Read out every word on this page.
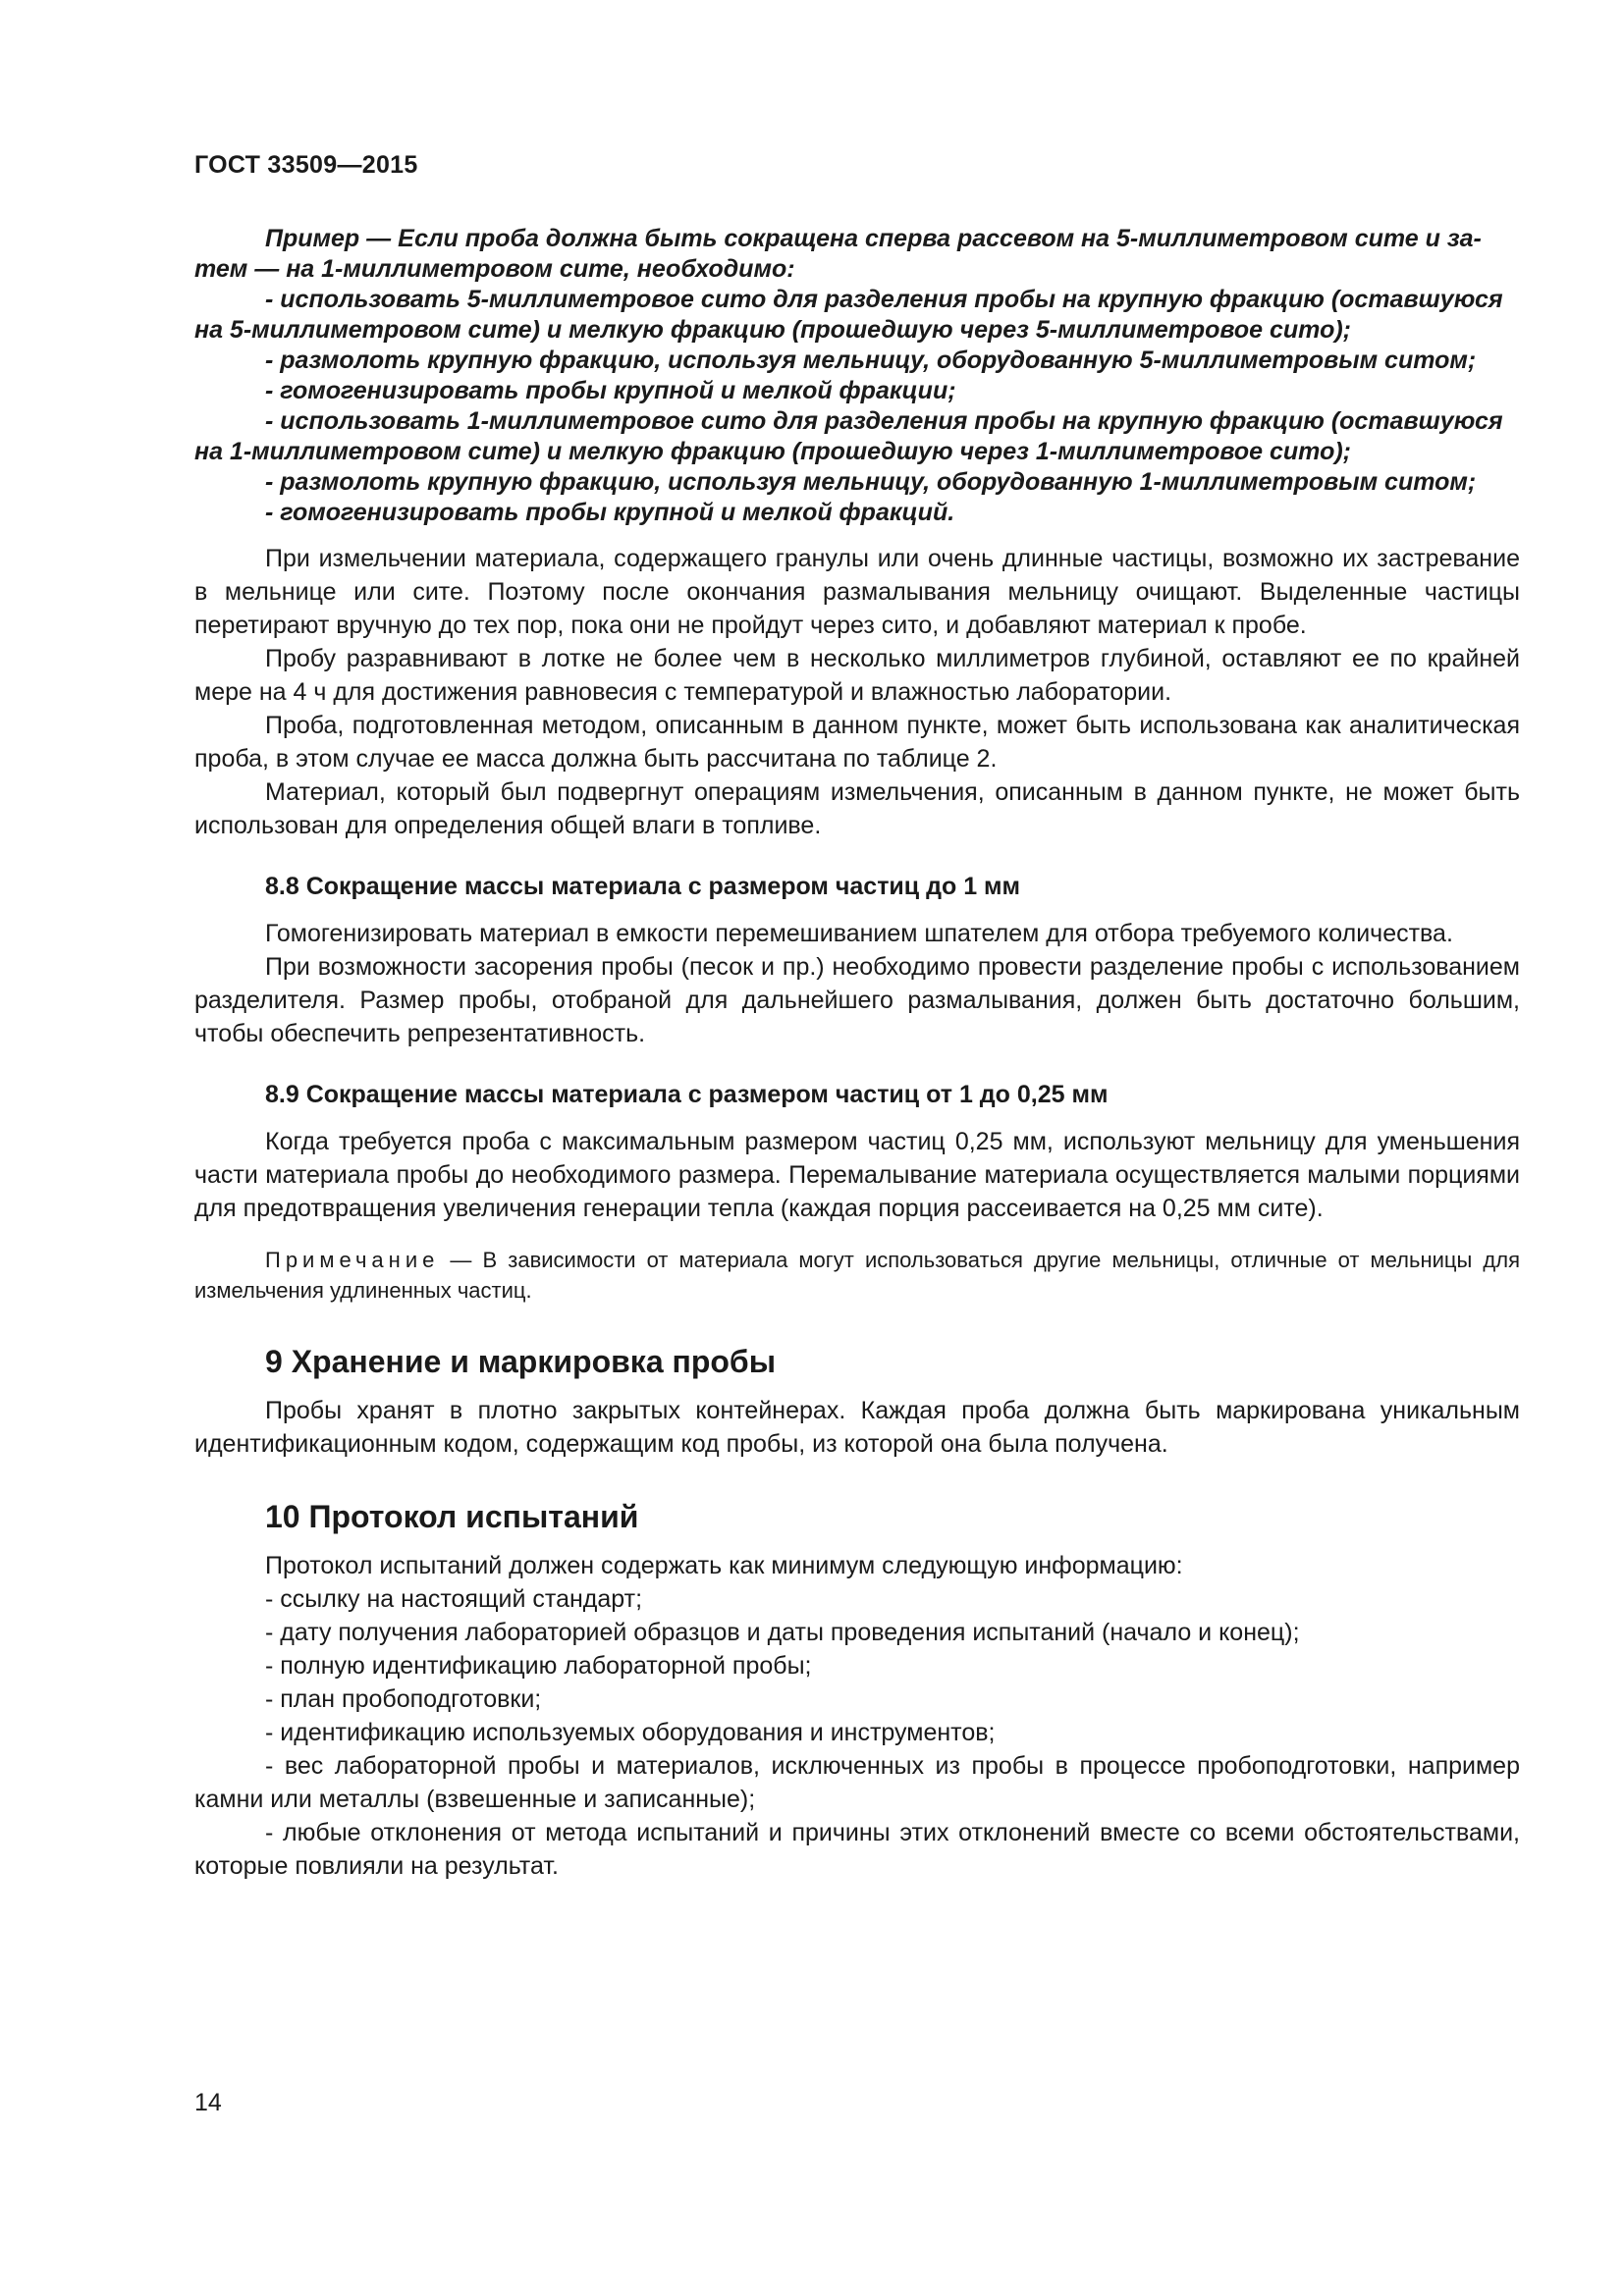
ГОСТ 33509—2015

Пример — Если проба должна быть сокращена сперва рассевом на 5-миллиметровом сите и за-

тем — на 1-миллиметровом сите, необходимо:

- использовать 5-миллиметровое сито для разделения пробы на крупную фракцию (оставшуюся

на 5-миллиметровом сите) и мелкую фракцию (прошедшую через 5-миллиметровое сито);

- размолоть крупную фракцию, используя мельницу, оборудованную 5-миллиметровым ситом;

- гомогенизировать пробы крупной и мелкой фракции;

- использовать 1-миллиметровое сито для разделения пробы на крупную фракцию (оставшуюся

на 1-миллиметровом сите) и мелкую фракцию (прошедшую через 1-миллиметровое сито);

- размолоть крупную фракцию, используя мельницу, оборудованную 1-миллиметровым ситом;

- гомогенизировать пробы крупной и мелкой фракций.

При измельчении материала, содержащего гранулы или очень длинные частицы, возможно их застревание в мельнице или сите. Поэтому после окончания размалывания мельницу очищают. Выделенные частицы перетирают вручную до тех пор, пока они не пройдут через сито, и добавляют материал к пробе.

Пробу разравнивают в лотке не более чем в несколько миллиметров глубиной, оставляют ее по крайней мере на 4 ч для достижения равновесия с температурой и влажностью лаборатории.

Проба, подготовленная методом, описанным в данном пункте, может быть использована как аналитическая проба, в этом случае ее масса должна быть рассчитана по таблице 2.

Материал, который был подвергнут операциям измельчения, описанным в данном пункте, не может быть использован для определения общей влаги в топливе.

8.8 Сокращение массы материала с размером частиц до 1 мм

Гомогенизировать материал в емкости перемешиванием шпателем для отбора требуемого количества.

При возможности засорения пробы (песок и пр.) необходимо провести разделение пробы с использованием разделителя. Размер пробы, отобраной для дальнейшего размалывания, должен быть достаточно большим, чтобы обеспечить репрезентативность.

8.9 Сокращение массы материала с размером частиц от 1 до 0,25 мм

Когда требуется проба с максимальным размером частиц 0,25 мм, используют мельницу для уменьшения части материала пробы до необходимого размера. Перемалывание материала осуществляется малыми порциями для предотвращения увеличения генерации тепла (каждая порция рассеивается на 0,25 мм сите).

Примечание — В зависимости от материала могут использоваться другие мельницы, отличные от мельницы для измельчения удлиненных частиц.

9 Хранение и маркировка пробы

Пробы хранят в плотно закрытых контейнерах. Каждая проба должна быть маркирована уникальным идентификационным кодом, содержащим код пробы, из которой она была получена.

10 Протокол испытаний

Протокол испытаний должен содержать как минимум следующую информацию:

- ссылку на настоящий стандарт;

- дату получения лабораторией образцов и даты проведения испытаний (начало и конец);

- полную идентификацию лабораторной пробы;

- план пробоподготовки;

- идентификацию используемых оборудования и инструментов;

- вес лабораторной пробы и материалов, исключенных из пробы в процессе пробоподготовки, например камни или металлы (взвешенные и записанные);

- любые отклонения от метода испытаний и причины этих отклонений вместе со всеми обстоятельствами, которые повлияли на результат.

14
